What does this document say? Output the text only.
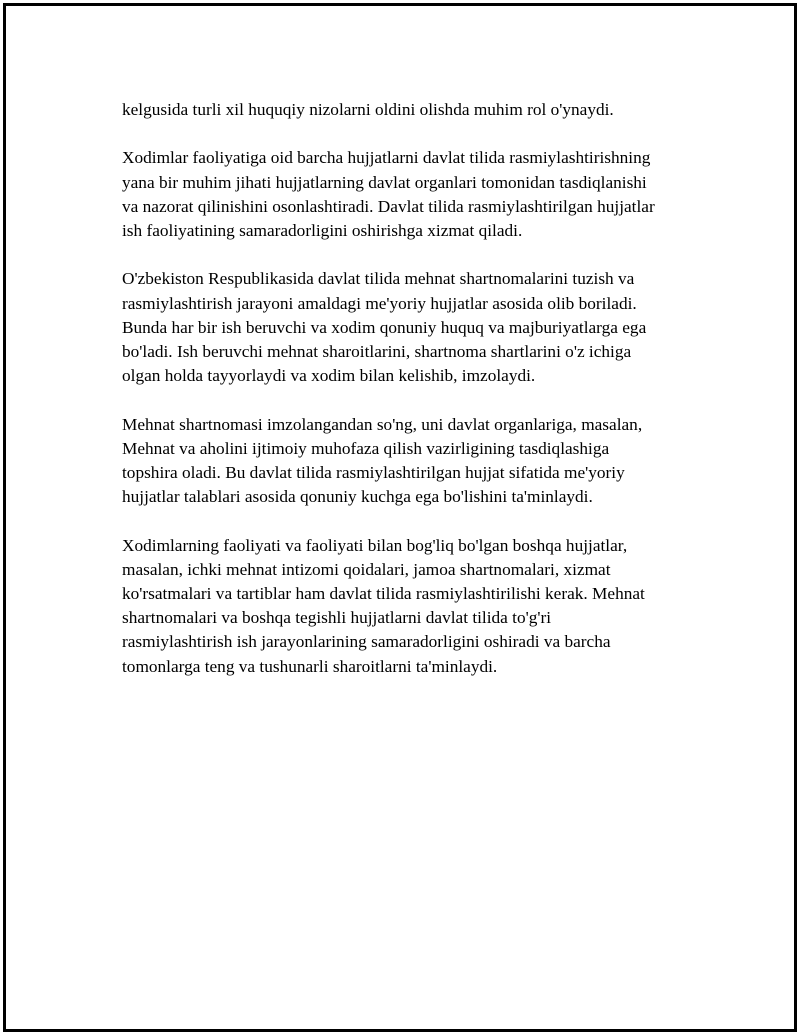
kelgusida turli xil huquqiy nizolarni oldini olishda muhim rol o'ynaydi.

Xodimlar faoliyatiga oid barcha hujjatlarni davlat tilida rasmiylashtirishning
yana bir muhim jihati hujjatlarning davlat organlari tomonidan tasdiqlanishi
va nazorat qilinishini osonlashtiradi. Davlat tilida rasmiylashtirilgan hujjatlar
ish faoliyatining samaradorligini oshirishga xizmat qiladi.

O'zbekiston Respublikasida davlat tilida mehnat shartnomalarini tuzish va
rasmiylashtirish jarayoni amaldagi me'yoriy hujjatlar asosida olib boriladi.
Bunda har bir ish beruvchi va xodim qonuniy huquq va majburiyatlarga ega
bo'ladi. Ish beruvchi mehnat sharoitlarini, shartnoma shartlarini o'z ichiga
olgan holda tayyorlaydi va xodim bilan kelishib, imzolaydi.

Mehnat shartnomasi imzolangandan so'ng, uni davlat organlariga, masalan,
Mehnat va aholini ijtimoiy muhofaza qilish vazirligining tasdiqlashiga
topshira oladi. Bu davlat tilida rasmiylashtirilgan hujjat sifatida me'yoriy
hujjatlar talablari asosida qonuniy kuchga ega bo'lishini ta'minlaydi.

Xodimlarning faoliyati va faoliyati bilan bog'liq bo'lgan boshqa hujjatlar,
masalan, ichki mehnat intizomi qoidalari, jamoa shartnomalari, xizmat
ko'rsatmalari va tartiblar ham davlat tilida rasmiylashtirilishi kerak. Mehnat
shartnomalari va boshqa tegishli hujjatlarni davlat tilida to'g'ri
rasmiylashtirish ish jarayonlarining samaradorligini oshiradi va barcha
tomonlarga teng va tushunarli sharoitlarni ta'minlaydi.
